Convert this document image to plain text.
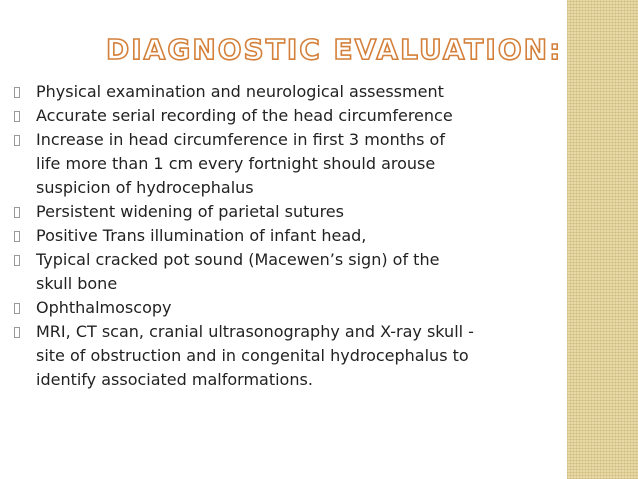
DIAGNOSTIC EVALUATION:
Physical examination and neurological assessment
Accurate serial recording of the head circumference
Increase in head circumference in first 3 months of
life more than 1 cm every fortnight should arouse
suspicion of hydrocephalus
Persistent widening of parietal sutures
Positive Trans illumination of infant head,
Typical cracked pot sound (Macewen’s sign) of the
skull bone
Ophthalmoscopy
MRI, CT scan, cranial ultrasonography and X-ray skull -
site of obstruction and in congenital hydrocephalus to
identify associated malformations.
